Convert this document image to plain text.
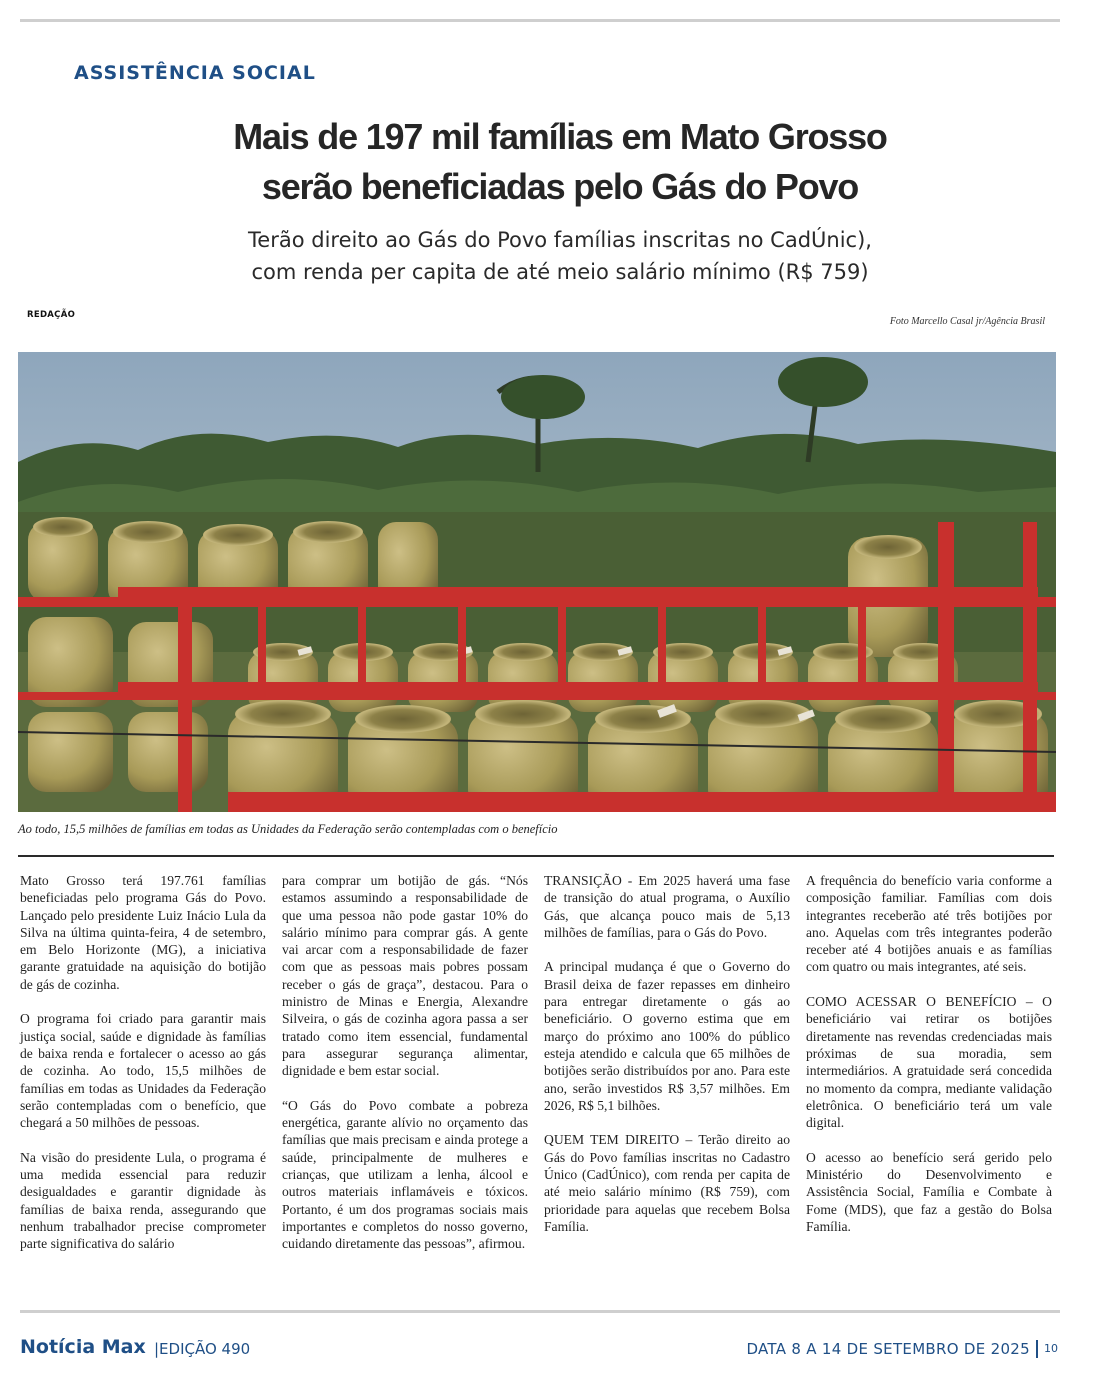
ASSISTÊNCIA SOCIAL
Mais de 197 mil famílias em Mato Grosso
serão beneficiadas pelo Gás do Povo
Terão direito ao Gás do Povo famílias inscritas no CadÚnic),
com renda per capita de até meio salário mínimo (R$ 759)
REDAÇÃO
Foto Marcello Casal jr/Agência Brasil
Ao todo, 15,5 milhões de famílias em todas as Unidades da Federação serão contempladas com o benefício

Mato Grosso terá 197.761 famílias beneficiadas pelo programa Gás do Povo. Lançado pelo presidente Luiz Inácio Lula da Silva na última quinta-feira, 4 de setembro, em Belo Horizonte (MG), a iniciativa garante gratuidade na aquisição do botijão de gás de cozinha.

O programa foi criado para garantir mais justiça social, saúde e dignidade às famílias de baixa renda e fortalecer o acesso ao gás de cozinha. Ao todo, 15,5 milhões de famílias em todas as Unidades da Federação serão contempladas com o benefício, que chegará a 50 milhões de pessoas.

Na visão do presidente Lula, o programa é uma medida essencial para reduzir desigualdades e garantir dignidade às famílias de baixa renda, assegurando que nenhum trabalhador precise comprometer parte significativa do salário

para comprar um botijão de gás. “Nós estamos assumindo a responsabilidade de que uma pessoa não pode gastar 10% do salário mínimo para comprar gás. A gente vai arcar com a responsabilidade de fazer com que as pessoas mais pobres possam receber o gás de graça”, destacou. Para o ministro de Minas e Energia, Alexandre Silveira, o gás de cozinha agora passa a ser tratado como item essencial, fundamental para assegurar segurança alimentar, dignidade e bem estar social.

“O Gás do Povo combate a pobreza energética, garante alívio no orçamento das famílias que mais precisam e ainda protege a saúde, principalmente de mulheres e crianças, que utilizam a lenha, álcool e outros materiais inflamáveis e tóxicos. Portanto, é um dos programas sociais mais importantes e completos do nosso governo, cuidando diretamente das pessoas”, afirmou.

TRANSIÇÃO - Em 2025 haverá uma fase de transição do atual programa, o Auxílio Gás, que alcança pouco mais de 5,13 milhões de famílias, para o Gás do Povo.

A principal mudança é que o Governo do Brasil deixa de fazer repasses em dinheiro para entregar diretamente o gás ao beneficiário. O governo estima que em março do próximo ano 100% do público esteja atendido e calcula que 65 milhões de botijões serão distribuídos por ano. Para este ano, serão investidos R$ 3,57 milhões. Em 2026, R$ 5,1 bilhões.

QUEM TEM DIREITO – Terão direito ao Gás do Povo famílias inscritas no Cadastro Único (CadÚnico), com renda per capita de até meio salário mínimo (R$ 759), com prioridade para aquelas que recebem Bolsa Família.

A frequência do benefício varia conforme a composição familiar. Famílias com dois integrantes receberão até três botijões por ano. Aquelas com três integrantes poderão receber até 4 botijões anuais e as famílias com quatro ou mais integrantes, até seis.

COMO ACESSAR O BENEFÍCIO – O beneficiário vai retirar os botijões diretamente nas revendas credenciadas mais próximas de sua moradia, sem intermediários. A gratuidade será concedida no momento da compra, mediante validação eletrônica. O beneficiário terá um vale digital.

O acesso ao benefício será gerido pelo Ministério do Desenvolvimento e Assistência Social, Família e Combate à Fome (MDS), que faz a gestão do Bolsa Família.

Notícia Max |EDIÇÃO 490	DATA 8 A 14 DE SETEMBRO DE 2025	10
